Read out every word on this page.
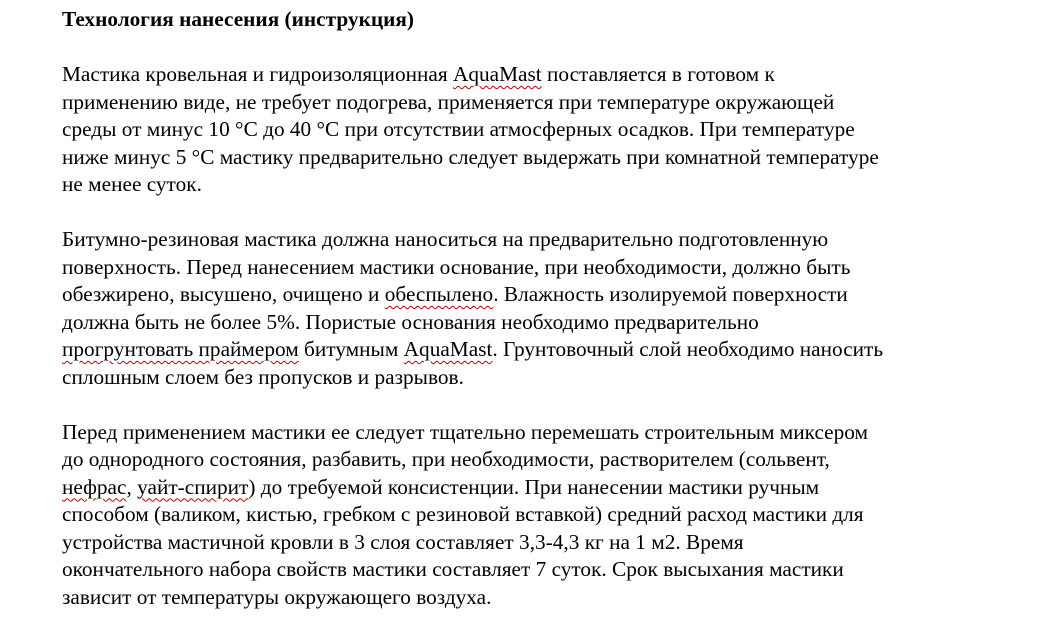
Технология нанесения (инструкция)
Мастика кровельная и гидроизоляционная AquaMast поставляется в готовом к
применению виде, не требует подогрева, применяется при температуре окружающей
среды от минус 10 °С до 40 °С при отсутствии атмосферных осадков. При температуре
ниже минус 5 °С мастику предварительно следует выдержать при комнатной температуре
не менее суток.
Битумно-резиновая мастика должна наноситься на предварительно подготовленную
поверхность. Перед нанесением мастики основание, при необходимости, должно быть
обезжирено, высушено, очищено и обеспылено. Влажность изолируемой поверхности
должна быть не более 5%. Пористые основания необходимо предварительно
прогрунтовать праймером битумным AquaMast. Грунтовочный слой необходимо наносить
сплошным слоем без пропусков и разрывов.
Перед применением мастики ее следует тщательно перемешать строительным миксером
до однородного состояния, разбавить, при необходимости, растворителем (сольвент,
нефрас, уайт-спирит) до требуемой консистенции. При нанесении мастики ручным
способом (валиком, кистью, гребком с резиновой вставкой) средний расход мастики для
устройства мастичной кровли в 3 слоя составляет 3,3-4,3 кг на 1 м2. Время
окончательного набора свойств мастики составляет 7 суток. Срок высыхания мастики
зависит от температуры окружающего воздуха.
